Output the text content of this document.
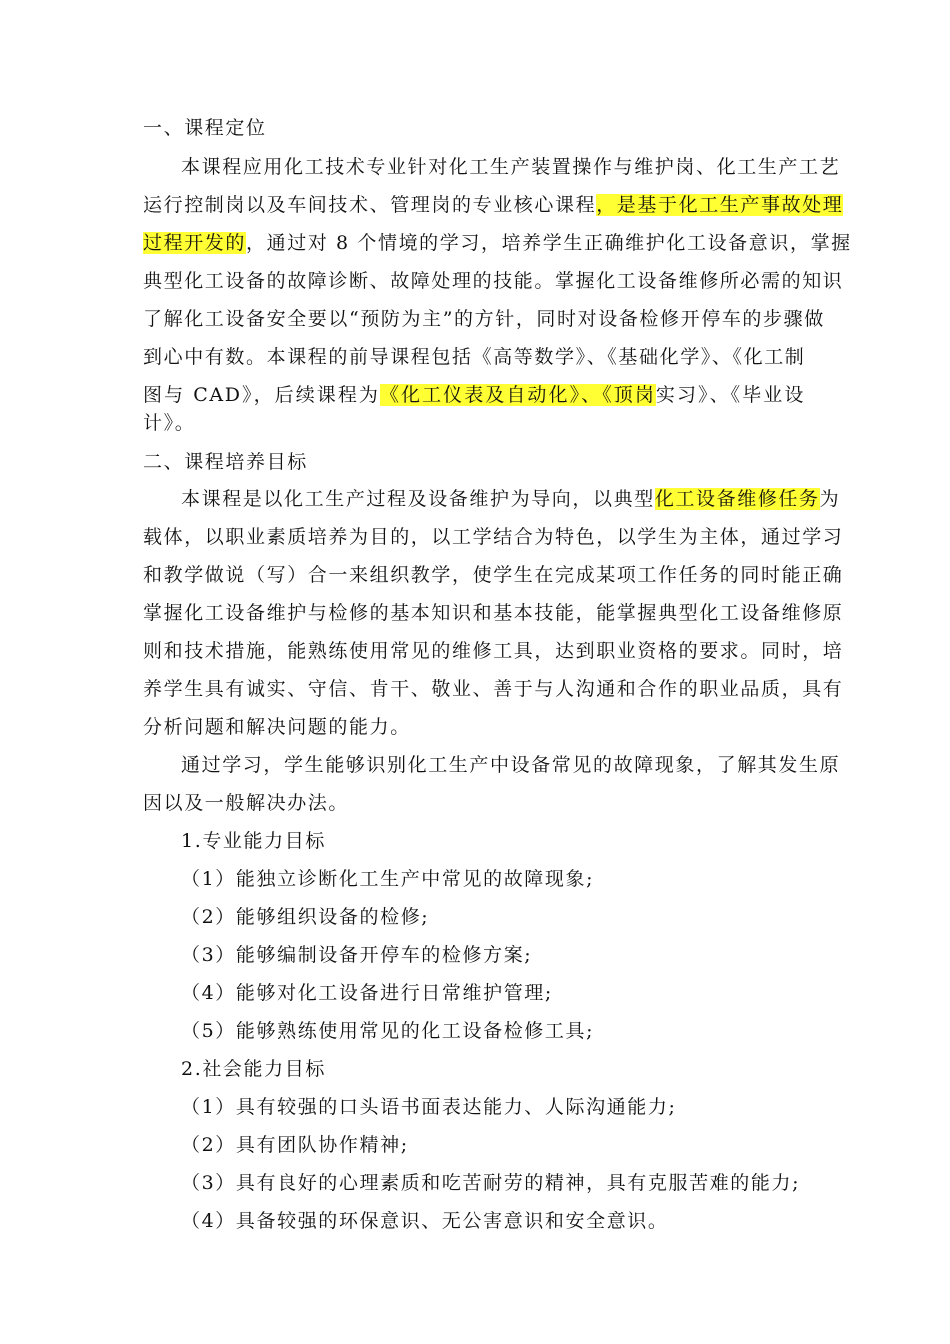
一、课程定位
本课程应用化工技术专业针对化工生产装置操作与维护岗、化工生产工艺
运行控制岗以及车间技术、管理岗的专业核心课程，是基于化工生产事故处理
过程开发的，通过对 8 个情境的学习，培养学生正确维护化工设备意识，掌握
典型化工设备的故障诊断、故障处理的技能。掌握化工设备维修所必需的知识
了解化工设备安全要以“预防为主”的方针，同时对设备检修开停车的步骤做
到心中有数。本课程的前导课程包括《高等数学》、《基础化学》、《化工制
图与 CAD》，后续课程为《化工仪表及自动化》、《顶岗实习》、《毕业设
计》。
二、课程培养目标
本课程是以化工生产过程及设备维护为导向，以典型化工设备维修任务为
载体，以职业素质培养为目的，以工学结合为特色，以学生为主体，通过学习
和教学做说（写）合一来组织教学，使学生在完成某项工作任务的同时能正确
掌握化工设备维护与检修的基本知识和基本技能，能掌握典型化工设备维修原
则和技术措施，能熟练使用常见的维修工具，达到职业资格的要求。同时，培
养学生具有诚实、守信、肯干、敬业、善于与人沟通和合作的职业品质，具有
分析问题和解决问题的能力。
通过学习，学生能够识别化工生产中设备常见的故障现象，了解其发生原
因以及一般解决办法。
1.专业能力目标
（1）能独立诊断化工生产中常见的故障现象;
（2）能够组织设备的检修;
（3）能够编制设备开停车的检修方案;
（4）能够对化工设备进行日常维护管理;
（5）能够熟练使用常见的化工设备检修工具;
2.社会能力目标
（1）具有较强的口头语书面表达能力、人际沟通能力;
（2）具有团队协作精神;
（3）具有良好的心理素质和吃苦耐劳的精神，具有克服苦难的能力;
（4）具备较强的环保意识、无公害意识和安全意识。
